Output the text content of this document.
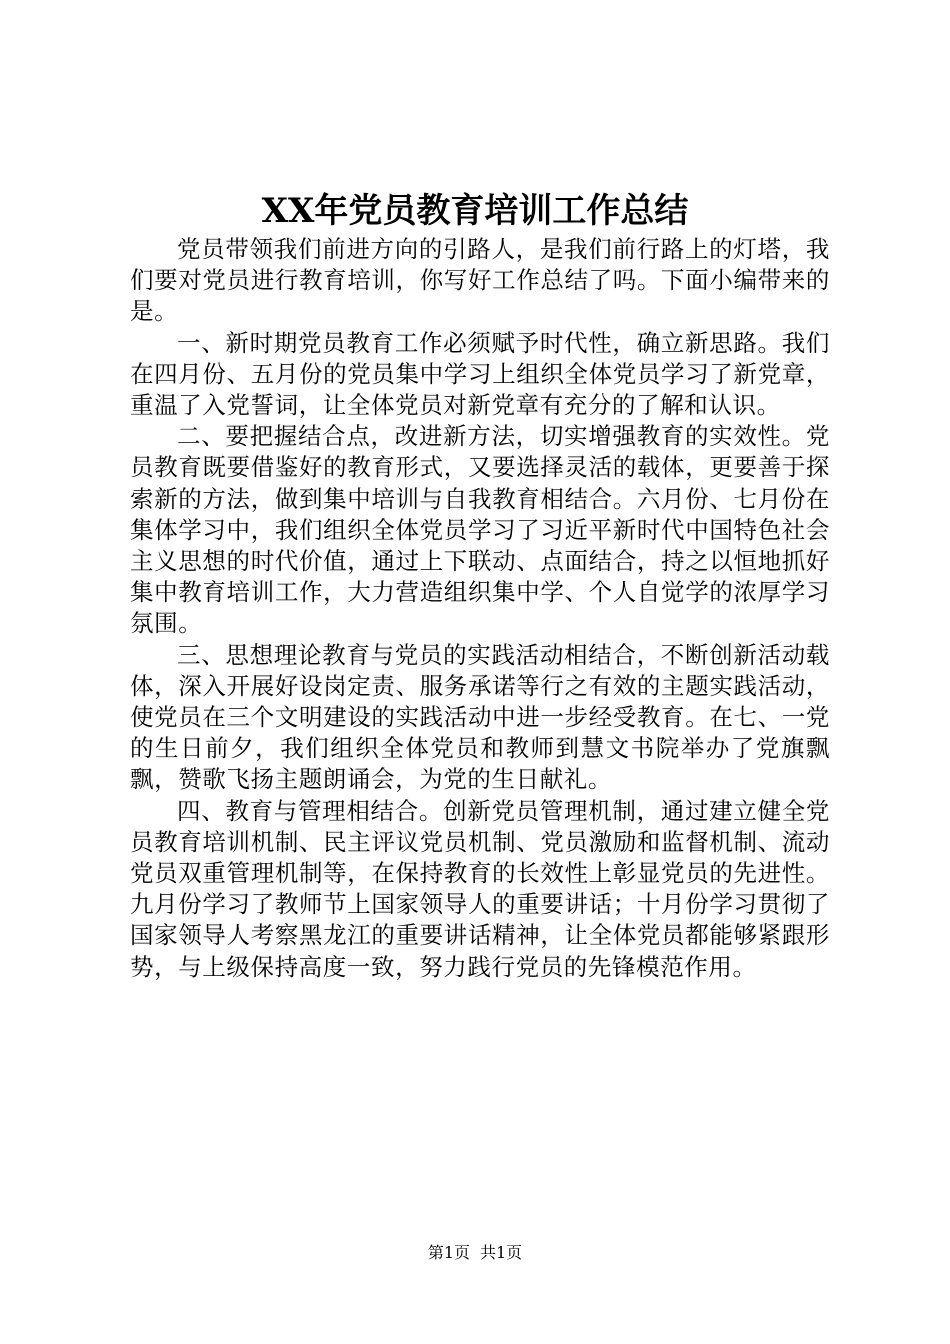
XX年党员教育培训工作总结

党员带领我们前进方向的引路人，是我们前行路上的灯塔，我们要对党员进行教育培训，你写好工作总结了吗。下面小编带来的是。

一、新时期党员教育工作必须赋予时代性，确立新思路。我们在四月份、五月份的党员集中学习上组织全体党员学习了新党章，重温了入党誓词，让全体党员对新党章有充分的了解和认识。

二、要把握结合点，改进新方法，切实增强教育的实效性。党员教育既要借鉴好的教育形式，又要选择灵活的载体，更要善于探索新的方法，做到集中培训与自我教育相结合。六月份、七月份在集体学习中，我们组织全体党员学习了习近平新时代中国特色社会主义思想的时代价值，通过上下联动、点面结合，持之以恒地抓好集中教育培训工作，大力营造组织集中学、个人自觉学的浓厚学习氛围。

三、思想理论教育与党员的实践活动相结合，不断创新活动载体，深入开展好设岗定责、服务承诺等行之有效的主题实践活动，使党员在三个文明建设的实践活动中进一步经受教育。在七、一党的生日前夕，我们组织全体党员和教师到慧文书院举办了党旗飘飘，赞歌飞扬主题朗诵会，为党的生日献礼。

四、教育与管理相结合。创新党员管理机制，通过建立健全党员教育培训机制、民主评议党员机制、党员激励和监督机制、流动党员双重管理机制等，在保持教育的长效性上彰显党员的先进性。九月份学习了教师节上国家领导人的重要讲话；十月份学习贯彻了国家领导人考察黑龙江的重要讲话精神，让全体党员都能够紧跟形势，与上级保持高度一致，努力践行党员的先锋模范作用。

第1页 共1页
